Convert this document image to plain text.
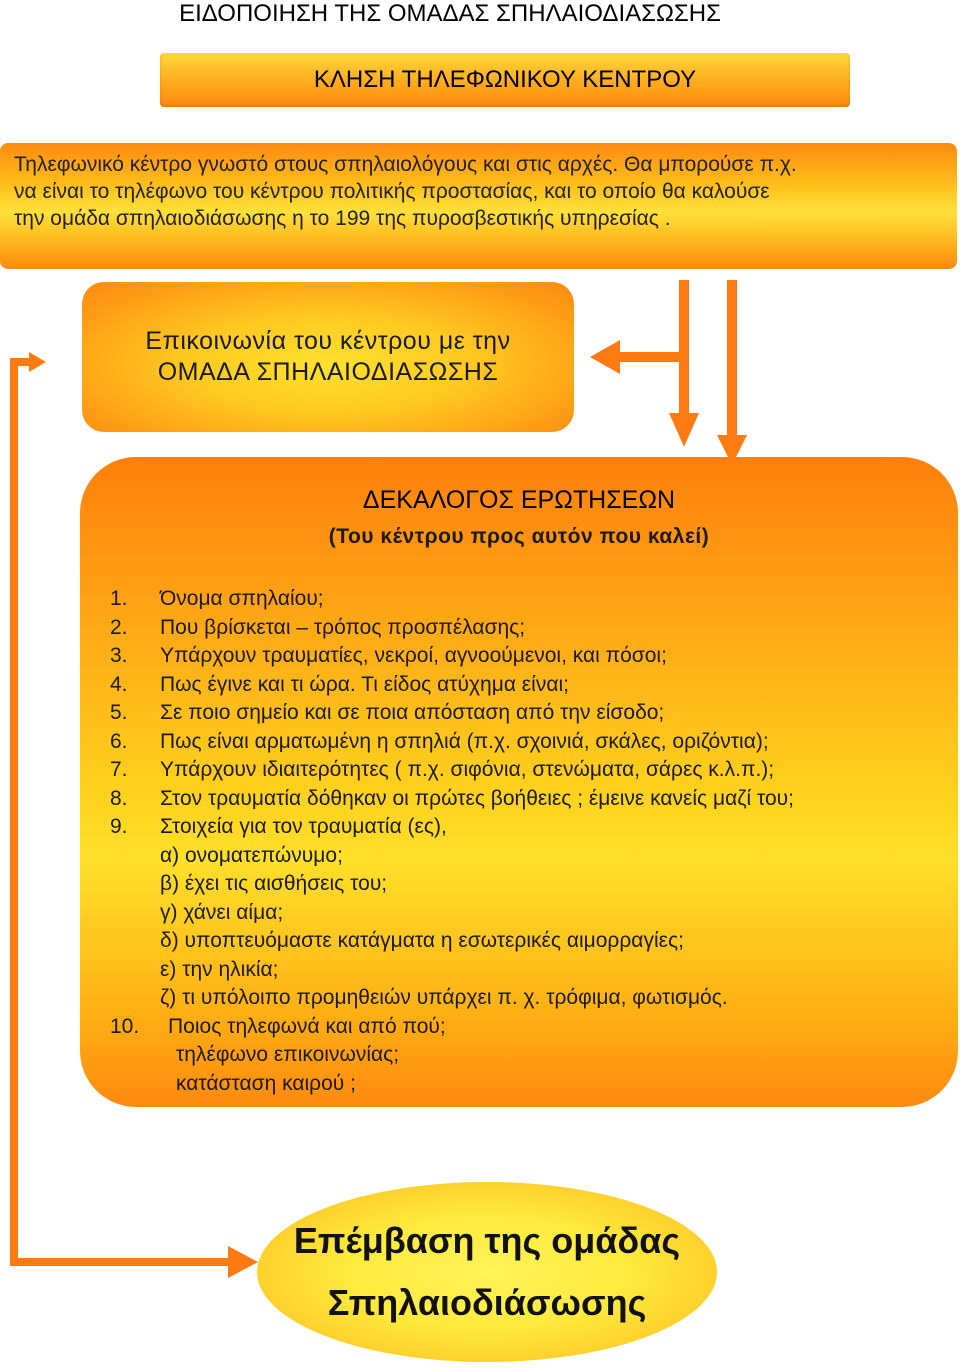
ΕΙΔΟΠΟΙΗΣΗ ΤΗΣ ΟΜΑΔΑΣ ΣΠΗΛΑΙΟΔΙΑΣΩΣΗΣ
ΚΛΗΣΗ ΤΗΛΕΦΩΝΙΚΟΥ ΚΕΝΤΡΟΥ
Τηλεφωνικό κέντρο γνωστό στους σπηλαιολόγους και στις αρχές. Θα μπορούσε π.χ.
να είναι το τηλέφωνο του κέντρου πολιτικής προστασίας, και το οποίο θα καλούσε
την ομάδα σπηλαιοδιάσωσης η το 199 της πυροσβεστικής υπηρεσίας .
Επικοινωνία του κέντρου με την
ΟΜΑΔΑ ΣΠΗΛΑΙΟΔΙΑΣΩΣΗΣ
ΔΕΚΑΛΟΓΟΣ ΕΡΩΤΗΣΕΩΝ
(Του κέντρου προς αυτόν που καλεί)
1.	Όνομα σπηλαίου;
2.	Που βρίσκεται – τρόπος προσπέλασης;
3.	Υπάρχουν τραυματίες, νεκροί, αγνοούμενοι, και πόσοι;
4.	Πως έγινε και τι ώρα. Τι είδος ατύχημα είναι;
5.	Σε ποιο σημείο και σε ποια απόσταση από την είσοδο;
6.	Πως είναι αρματωμένη η σπηλιά (π.χ. σχοινιά, σκάλες, οριζόντια);
7.	Υπάρχουν ιδιαιτερότητες ( π.χ. σιφόνια, στενώματα, σάρες κ.λ.π.);
8.	Στον τραυματία δόθηκαν οι πρώτες βοήθειες ; έμεινε κανείς μαζί του;
9.	Στοιχεία για τον τραυματία (ες),
α) ονοματεπώνυμο;
β) έχει τις αισθήσεις του;
γ) χάνει αίμα;
δ) υποπτευόμαστε κατάγματα η εσωτερικές αιμορραγίες;
ε) την ηλικία;
ζ) τι υπόλοιπο προμηθειών υπάρχει π. χ. τρόφιμα, φωτισμός.
10.	Ποιος τηλεφωνά και από πού;
τηλέφωνο επικοινωνίας;
κατάσταση καιρού ;
Επέμβαση της ομάδας
Σπηλαιοδιάσωσης
